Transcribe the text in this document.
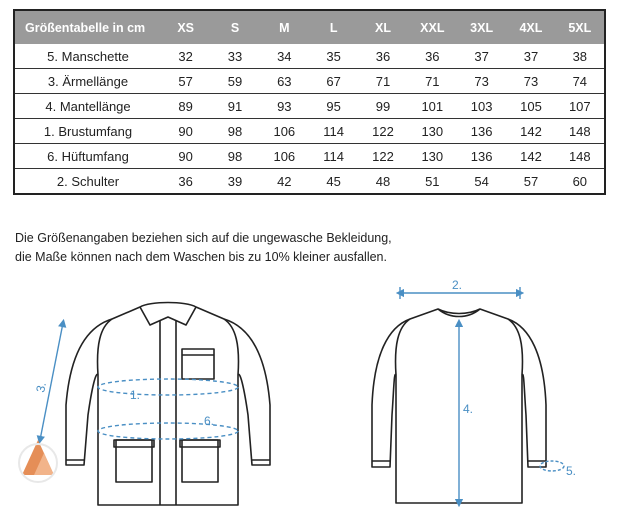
Größentabelle in cm	XS	S	M	L	XL	XXL	3XL	4XL	5XL
5. Manschette	32	33	34	35	36	36	37	37	38
3. Ärmellänge	57	59	63	67	71	71	73	73	74
4. Mantellänge	89	91	93	95	99	101	103	105	107
1. Brustumfang	90	98	106	114	122	130	136	142	148
6. Hüftumfang	90	98	106	114	122	130	136	142	148
2. Schulter	36	39	42	45	48	51	54	57	60
Die Größenangaben beziehen sich auf die ungewasche Bekleidung,
die Maße können nach dem Waschen bis zu 10% kleiner ausfallen.
1.
6.
3.
2.
4.
5.
